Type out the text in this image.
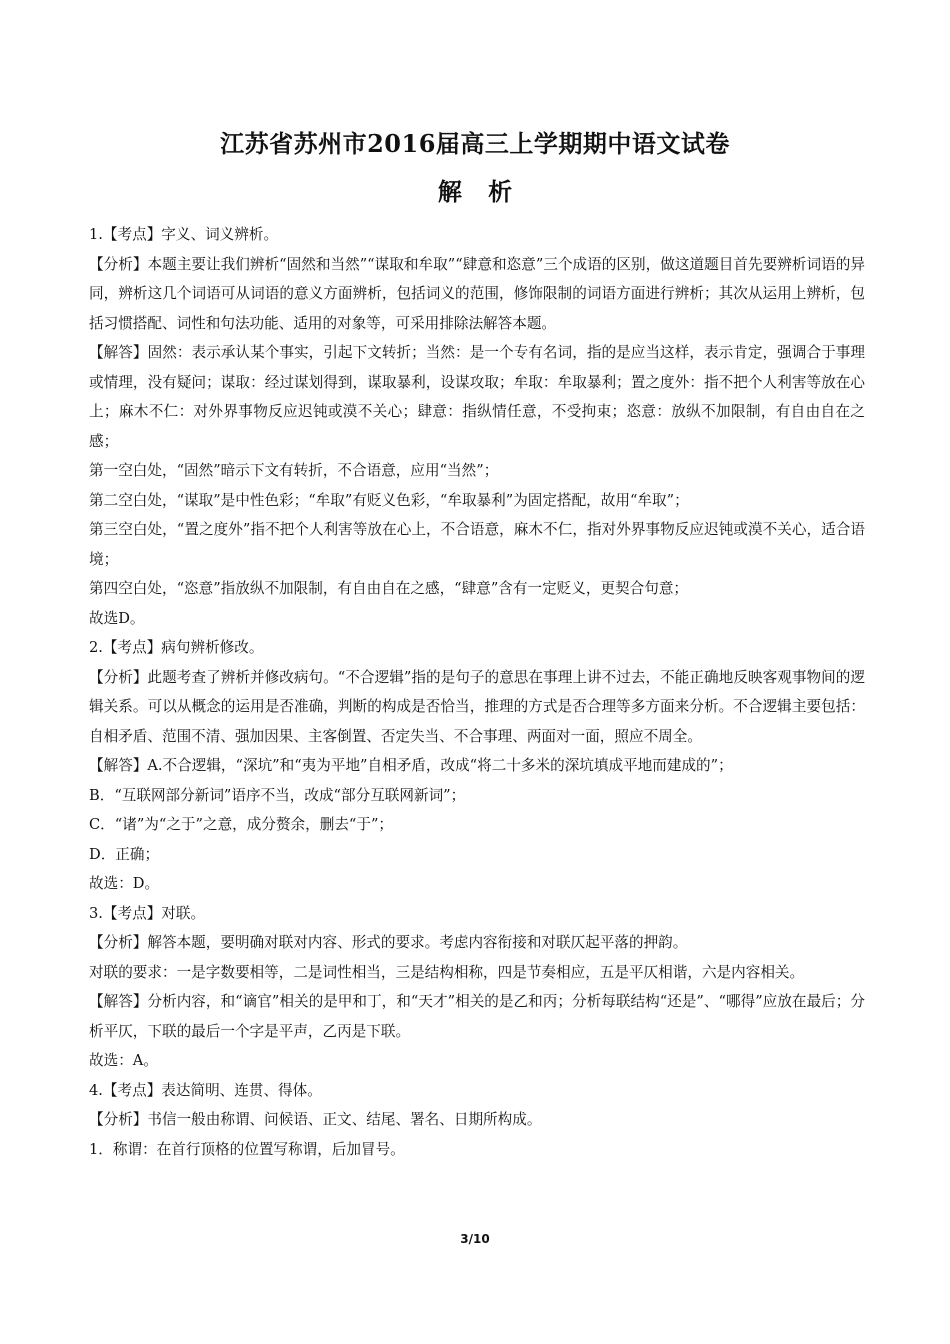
江苏省苏州市2016届高三上学期期中语文试卷
解 析

1.【考点】字义、词义辨析。

【分析】本题主要让我们辨析“固然和当然”“谋取和牟取”“肆意和恣意”三个成语的区别，做这道题目首先要辨析词语的异同，辨析这几个词语可从词语的意义方面辨析，包括词义的范围，修饰限制的词语方面进行辨析；其次从运用上辨析，包括习惯搭配、词性和句法功能、适用的对象等，可采用排除法解答本题。

【解答】固然：表示承认某个事实，引起下文转折；当然：是一个专有名词，指的是应当这样，表示肯定，强调合于事理或情理，没有疑问；谋取：经过谋划得到，谋取暴利，设谋攻取；牟取：牟取暴利；置之度外：指不把个人利害等放在心上；麻木不仁：对外界事物反应迟钝或漠不关心；肆意：指纵情任意，不受拘束；恣意：放纵不加限制，有自由自在之感；

第一空白处，“固然”暗示下文有转折，不合语意，应用“当然”；

第二空白处，“谋取”是中性色彩；“牟取”有贬义色彩，“牟取暴利”为固定搭配，故用“牟取”；

第三空白处，“置之度外”指不把个人利害等放在心上，不合语意，麻木不仁，指对外界事物反应迟钝或漠不关心，适合语境；

第四空白处，“恣意”指放纵不加限制，有自由自在之感，“肆意”含有一定贬义，更契合句意；

故选D。

2.【考点】病句辨析修改。

【分析】此题考查了辨析并修改病句。“不合逻辑”指的是句子的意思在事理上讲不过去，不能正确地反映客观事物间的逻辑关系。可以从概念的运用是否准确，判断的构成是否恰当，推理的方式是否合理等多方面来分析。不合逻辑主要包括：自相矛盾、范围不清、强加因果、主客倒置、否定失当、不合事理、两面对一面，照应不周全。

【解答】A.不合逻辑，“深坑”和“夷为平地”自相矛盾，改成“将二十多米的深坑填成平地而建成的”；

B．“互联网部分新词”语序不当，改成“部分互联网新词”；

C．“诸”为“之于”之意，成分赘余，删去“于”；

D．正确；

故选：D。

3.【考点】对联。

【分析】解答本题，要明确对联对内容、形式的要求。考虑内容衔接和对联仄起平落的押韵。

对联的要求：一是字数要相等，二是词性相当，三是结构相称，四是节奏相应，五是平仄相谐，六是内容相关。

【解答】分析内容，和“谪官”相关的是甲和丁，和“天才”相关的是乙和丙；分析每联结构“还是”、“哪得”应放在最后；分析平仄，下联的最后一个字是平声，乙丙是下联。

故选：A。

4.【考点】表达简明、连贯、得体。

【分析】书信一般由称谓、问候语、正文、结尾、署名、日期所构成。

1．称谓：在首行顶格的位置写称谓，后加冒号。

3/10
